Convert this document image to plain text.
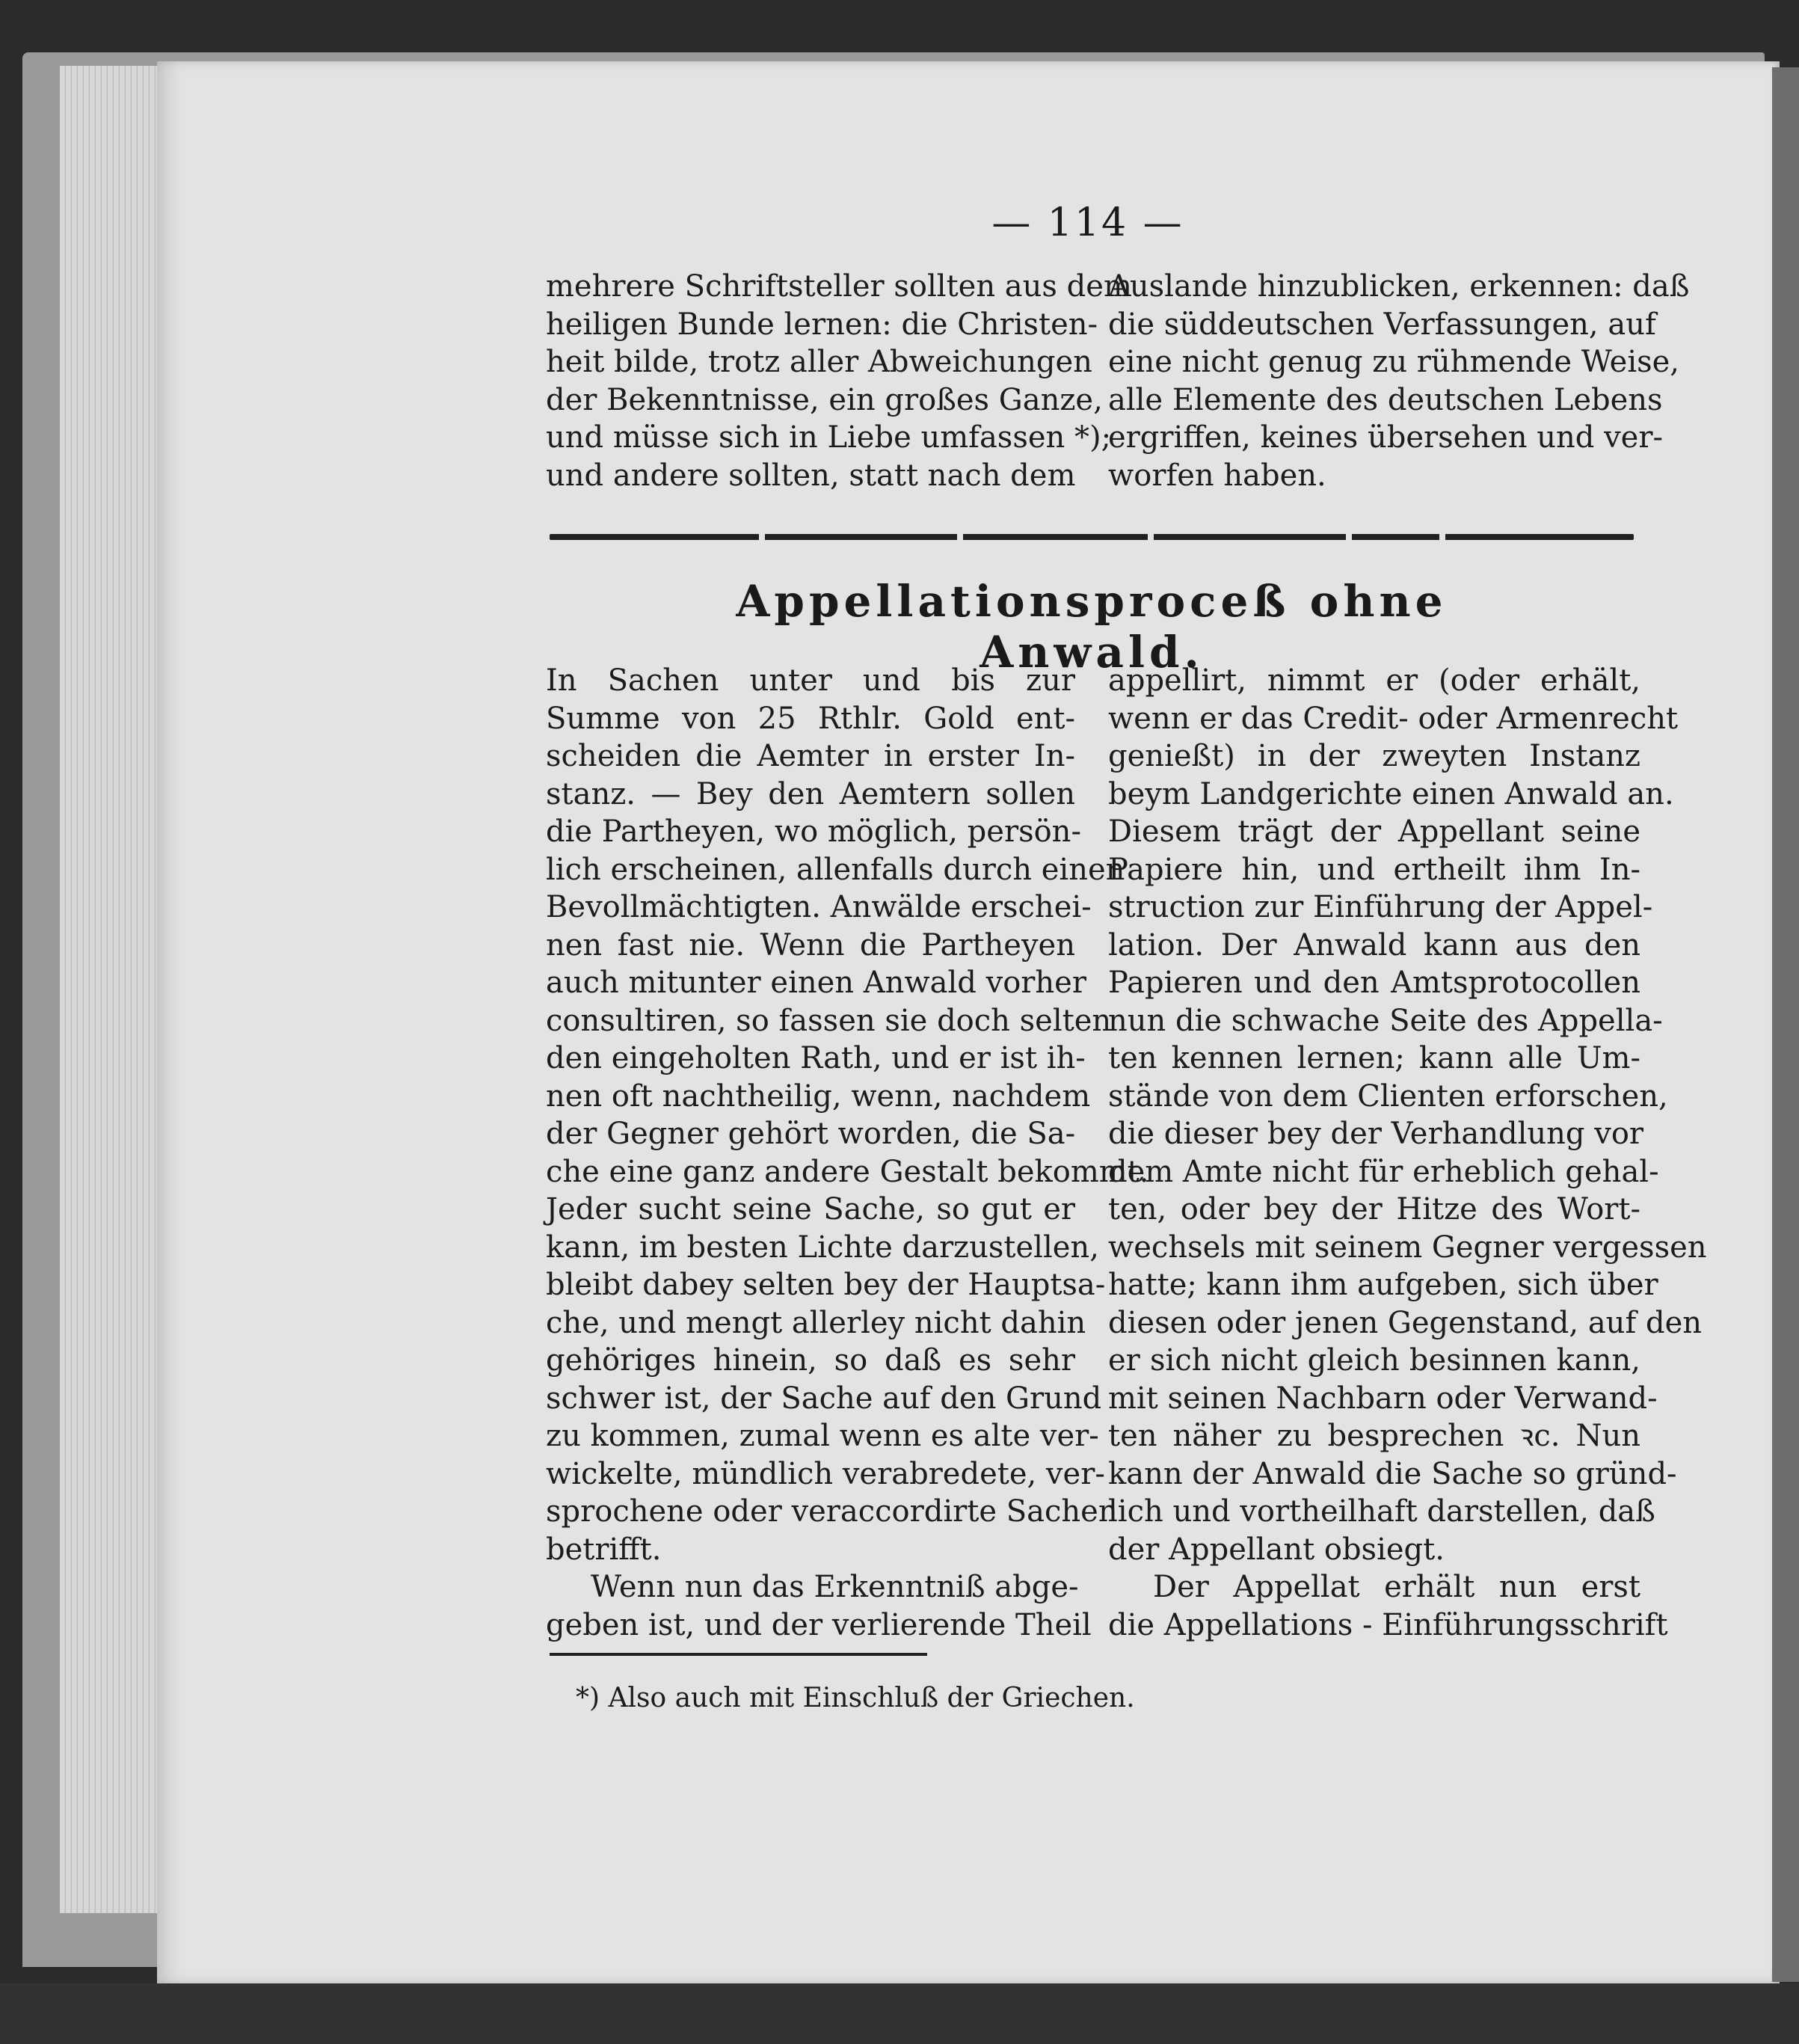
— 114 —
mehrere Schriftsteller sollten aus dem
heiligen Bunde lernen: die Christen-
heit bilde, trotz aller Abweichungen
der Bekenntnisse, ein großes Ganze,
und müsse sich in Liebe umfassen *);
und andere sollten, statt nach dem
Auslande hinzublicken, erkennen: daß
die süddeutschen Verfassungen, auf
eine nicht genug zu rühmende Weise,
alle Elemente des deutschen Lebens
ergriffen, keines übersehen und ver-
worfen haben.
Appellationsproceß ohne Anwald.
In Sachen unter und bis zur
Summe von 25 Rthlr. Gold ent-
scheiden die Aemter in erster In-
stanz. — Bey den Aemtern sollen
die Partheyen, wo möglich, persön-
lich erscheinen, allenfalls durch einen
Bevollmächtigten. Anwälde erschei-
nen fast nie. Wenn die Partheyen
auch mitunter einen Anwald vorher
consultiren, so fassen sie doch selten
den eingeholten Rath, und er ist ih-
nen oft nachtheilig, wenn, nachdem
der Gegner gehört worden, die Sa-
che eine ganz andere Gestalt bekommt.
Jeder sucht seine Sache, so gut er
kann, im besten Lichte darzustellen,
bleibt dabey selten bey der Hauptsa-
che, und mengt allerley nicht dahin
gehöriges hinein, so daß es sehr
schwer ist, der Sache auf den Grund
zu kommen, zumal wenn es alte ver-
wickelte, mündlich verabredete, ver-
sprochene oder veraccordirte Sachen
betrifft.
Wenn nun das Erkenntniß abge-
geben ist, und der verlierende Theil
appellirt, nimmt er (oder erhält,
wenn er das Credit- oder Armenrecht
genießt) in der zweyten Instanz
beym Landgerichte einen Anwald an.
Diesem trägt der Appellant seine
Papiere hin, und ertheilt ihm In-
struction zur Einführung der Appel-
lation. Der Anwald kann aus den
Papieren und den Amtsprotocollen
nun die schwache Seite des Appella-
ten kennen lernen; kann alle Um-
stände von dem Clienten erforschen,
die dieser bey der Verhandlung vor
dem Amte nicht für erheblich gehal-
ten, oder bey der Hitze des Wort-
wechsels mit seinem Gegner vergessen
hatte; kann ihm aufgeben, sich über
diesen oder jenen Gegenstand, auf den
er sich nicht gleich besinnen kann,
mit seinen Nachbarn oder Verwand-
ten näher zu besprechen ꝛc. Nun
kann der Anwald die Sache so gründ-
lich und vortheilhaft darstellen, daß
der Appellant obsiegt.
Der Appellat erhält nun erst
die Appellations - Einführungsschrift
*) Also auch mit Einschluß der Griechen.
